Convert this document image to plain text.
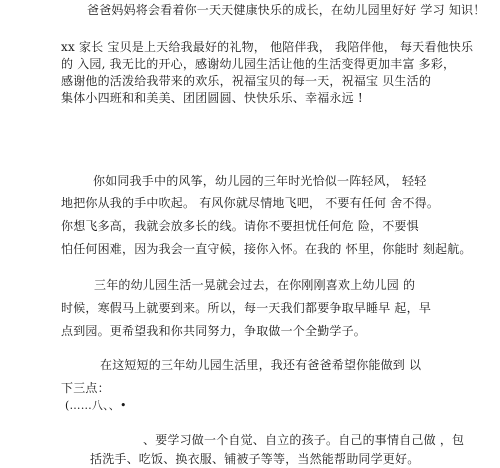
爸爸妈妈将会看着你一天天健康快乐的成长，在幼儿园里好好 学习 知识！
xx 家长 宝贝是上天给我最好的礼物， 他陪伴我， 我陪伴他， 每天看他快乐
的 入园, 我无比的开心，感谢幼儿园生活让他的生活变得更加丰富 多彩，
感谢他的活泼给我带来的欢乐，祝福宝贝的每一天，祝福宝 贝生活的
集体小四班和和美美、团团圆圆、快快乐乐、幸福永远 !
你如同我手中的风筝，幼儿园的三年时光恰似一阵轻风， 轻轻
地把你从我的手中吹起。 有风你就尽情地飞吧， 不要有任何 舍不得。
你想飞多高，我就会放多长的线。请你不要担忧任何危 险，不要惧
怕任何困难，因为我会一直守候，接你入怀。在我的 怀里，你能时 刻起航。
三年的幼儿园生活一晃就会过去，在你刚刚喜欢上幼儿园 的
时候，寒假马上就要到来。所以，每一天我们都要争取早睡早 起，早
点到园。更希望我和你共同努力，争取做一个全勤学子。
在这短短的三年幼儿园生活里，我还有爸爸希望你能做到 以
下三点：
(……八、、•
、要学习做一个自觉、自立的孩子。自己的事情自己做 ，包
括洗手、吃饭、换衣服、铺被子等等，当然能帮助同学更好。
